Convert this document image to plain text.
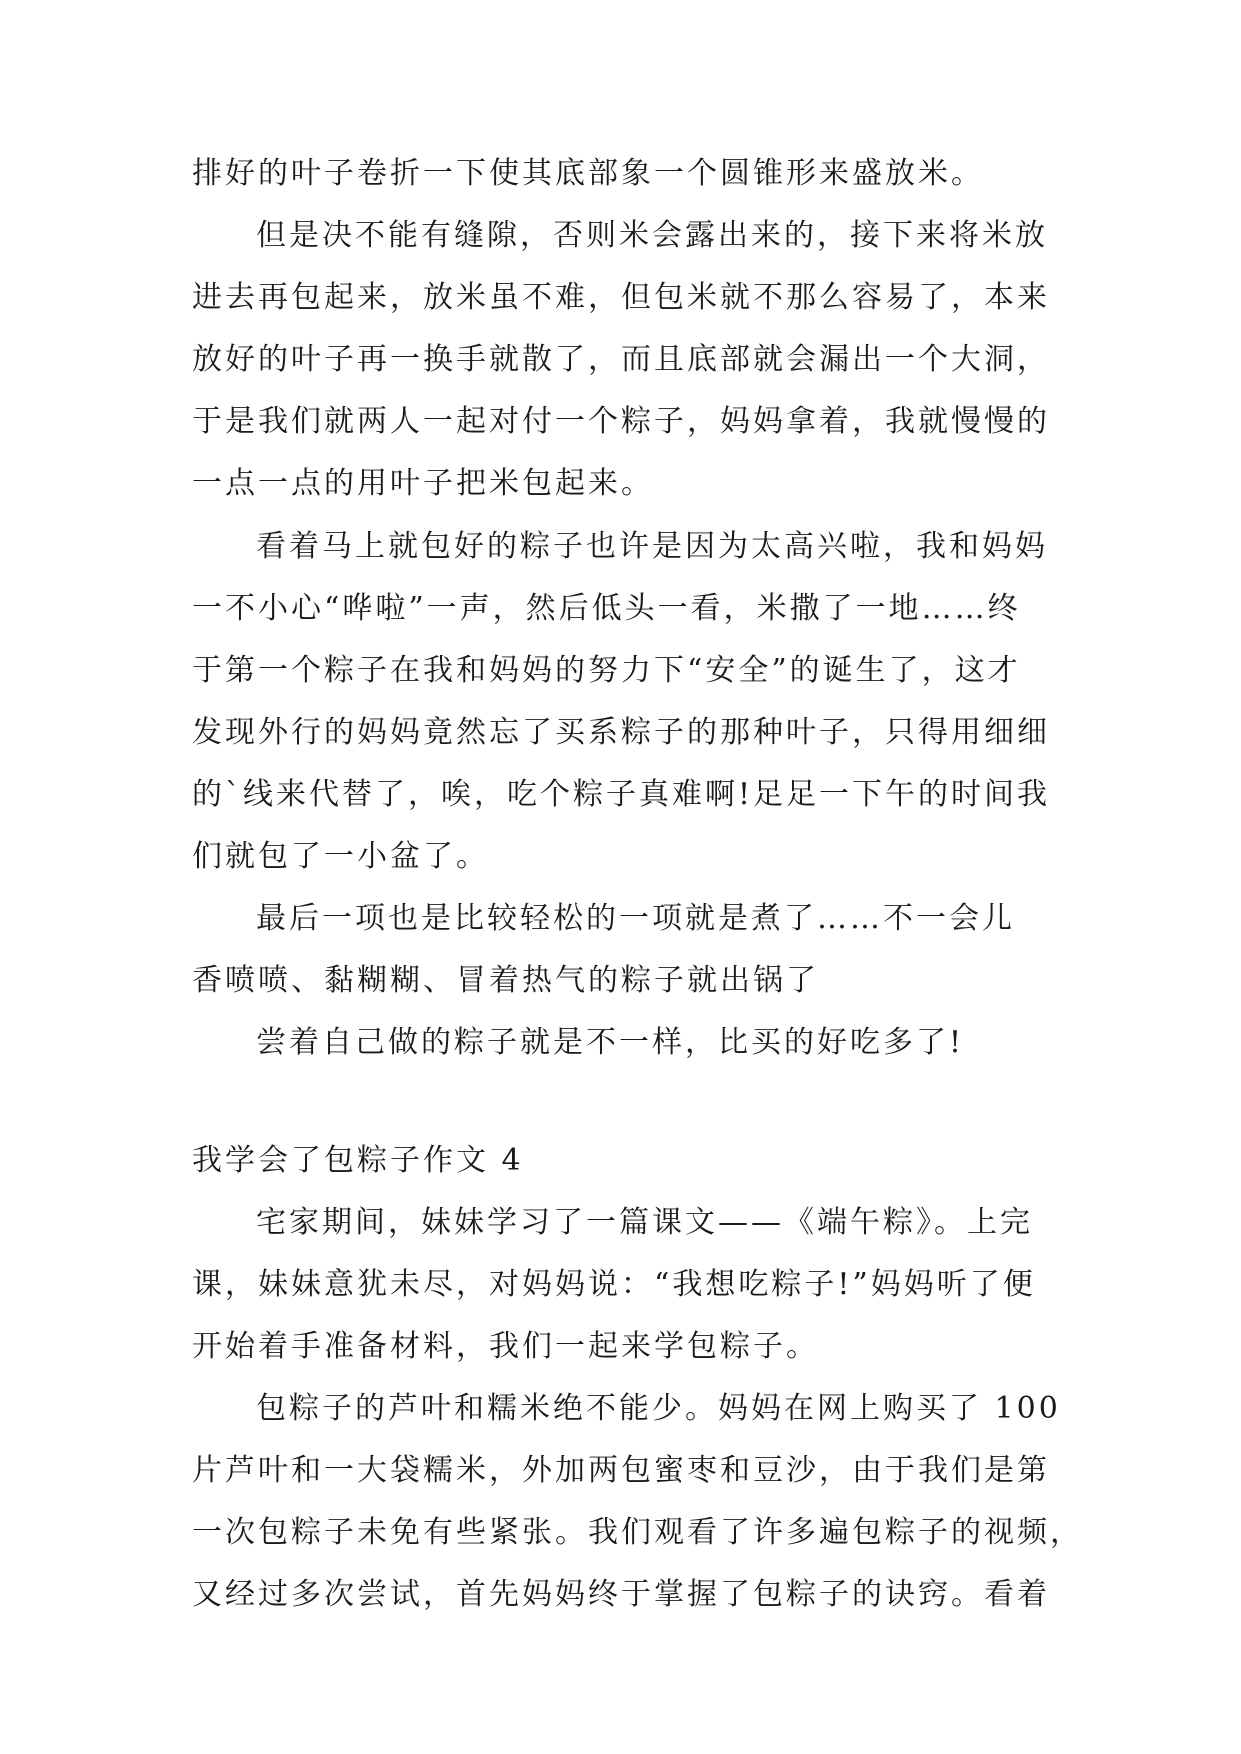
排好的叶子卷折一下使其底部象一个圆锥形来盛放米。
但是决不能有缝隙，否则米会露出来的，接下来将米放
进去再包起来，放米虽不难，但包米就不那么容易了，本来
放好的叶子再一换手就散了，而且底部就会漏出一个大洞，
于是我们就两人一起对付一个粽子，妈妈拿着，我就慢慢的
一点一点的用叶子把米包起来。
看着马上就包好的粽子也许是因为太高兴啦，我和妈妈
一不小心“哗啦”一声，然后低头一看，米撒了一地……终
于第一个粽子在我和妈妈的努力下“安全”的诞生了，这才
发现外行的妈妈竟然忘了买系粽子的那种叶子，只得用细细
的`线来代替了，唉，吃个粽子真难啊!足足一下午的时间我
们就包了一小盆了。
最后一项也是比较轻松的一项就是煮了……不一会儿
香喷喷、黏糊糊、冒着热气的粽子就出锅了
尝着自己做的粽子就是不一样，比买的好吃多了!
我学会了包粽子作文 4
宅家期间，妹妹学习了一篇课文——《端午粽》。上完
课，妹妹意犹未尽，对妈妈说：“我想吃粽子!”妈妈听了便
开始着手准备材料，我们一起来学包粽子。
包粽子的芦叶和糯米绝不能少。妈妈在网上购买了 100
片芦叶和一大袋糯米，外加两包蜜枣和豆沙，由于我们是第
一次包粽子未免有些紧张。我们观看了许多遍包粽子的视频，
又经过多次尝试，首先妈妈终于掌握了包粽子的诀窍。看着
